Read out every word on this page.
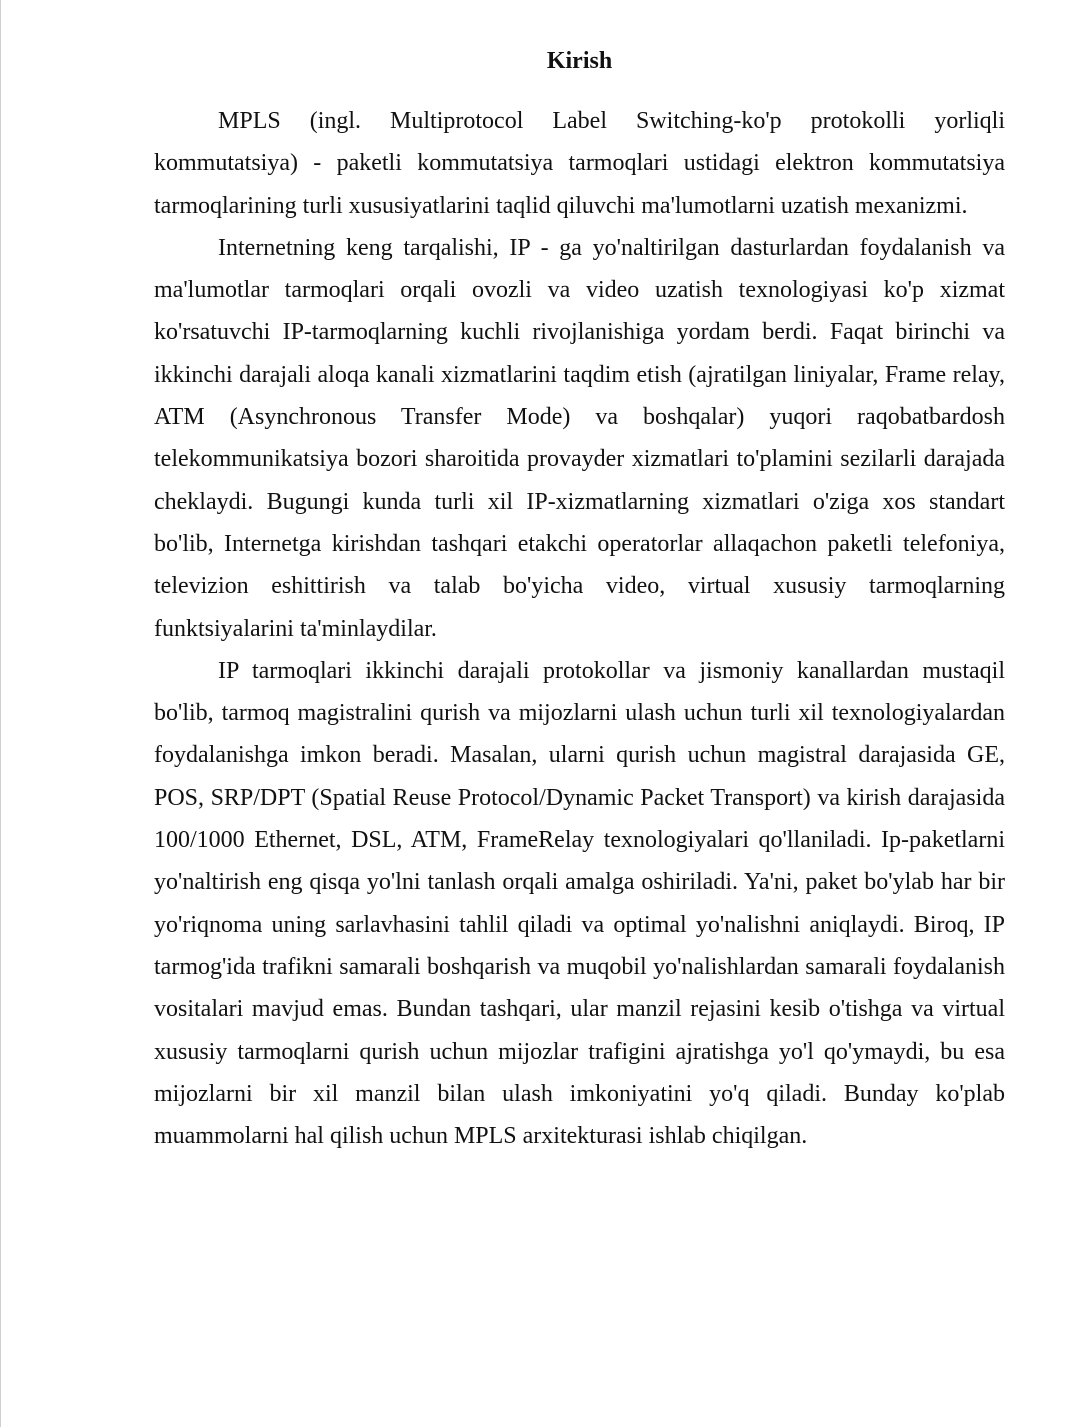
Kirish

MPLS (ingl. Multiprotocol Label Switching-ko'p protokolli yorliqli kommutatsiya) - paketli kommutatsiya tarmoqlari ustidagi elektron kommutatsiya tarmoqlarining turli xususiyatlarini taqlid qiluvchi ma'lumotlarni uzatish mexanizmi.

Internetning keng tarqalishi, IP - ga yo'naltirilgan dasturlardan foydalanish va ma'lumotlar tarmoqlari orqali ovozli va video uzatish texnologiyasi ko'p xizmat ko'rsatuvchi IP-tarmoqlarning kuchli rivojlanishiga yordam berdi. Faqat birinchi va ikkinchi darajali aloqa kanali xizmatlarini taqdim etish (ajratilgan liniyalar, Frame relay, ATM (Asynchronous Transfer Mode) va boshqalar) yuqori raqobatbardosh telekommunikatsiya bozori sharoitida provayder xizmatlari to'plamini sezilarli darajada cheklaydi. Bugungi kunda turli xil IP-xizmatlarning xizmatlari o'ziga xos standart bo'lib, Internetga kirishdan tashqari etakchi operatorlar allaqachon paketli telefoniya, televizion eshittirish va talab bo'yicha video, virtual xususiy tarmoqlarning funktsiyalarini ta'minlaydilar.

IP tarmoqlari ikkinchi darajali protokollar va jismoniy kanallardan mustaqil bo'lib, tarmoq magistralini qurish va mijozlarni ulash uchun turli xil texnologiyalardan foydalanishga imkon beradi. Masalan, ularni qurish uchun magistral darajasida GE, POS, SRP/DPT (Spatial Reuse Protocol/Dynamic Packet Transport) va kirish darajasida 100/1000 Ethernet, DSL, ATM, FrameRelay texnologiyalari qo'llaniladi. Ip-paketlarni yo'naltirish eng qisqa yo'lni tanlash orqali amalga oshiriladi. Ya'ni, paket bo'ylab har bir yo'riqnoma uning sarlavhasini tahlil qiladi va optimal yo'nalishni aniqlaydi. Biroq, IP tarmog'ida trafikni samarali boshqarish va muqobil yo'nalishlardan samarali foydalanish vositalari mavjud emas. Bundan tashqari, ular manzil rejasini kesib o'tishga va virtual xususiy tarmoqlarni qurish uchun mijozlar trafigini ajratishga yo'l qo'ymaydi, bu esa mijozlarni bir xil manzil bilan ulash imkoniyatini yo'q qiladi. Bunday ko'plab muammolarni hal qilish uchun MPLS arxitekturasi ishlab chiqilgan.
